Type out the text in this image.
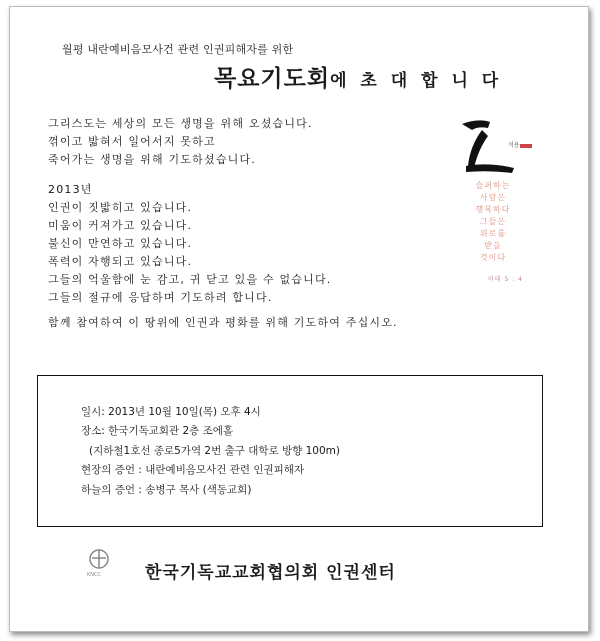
월평 내란예비음모사건 관련 인권피해자를 위한
목요기도회에 초 대 합 니 다
그리스도는 세상의 모든 생명을 위해 오셨습니다.
꺾이고 밟혀서 일어서지 못하고
죽어가는 생명을 위해 기도하셨습니다.
2013년
인권이 짓밟히고 있습니다.
미움이 커져가고 있습니다.
불신이 만연하고 있습니다.
폭력이 자행되고 있습니다.
그들의 억울함에 눈 감고, 귀 닫고 있을 수 없습니다.
그들의 절규에 응답하며 기도하려 합니다.
함께 참여하여 이 땅위에 인권과 평화를 위해 기도하여 주십시오.
석용
슬퍼하는
사람은
행복하다
그들은
위로를
받을
것이다
마태 5 : 4
일시: 2013년 10월 10일(목) 오후 4시
장소: 한국기독교회관 2층 조에홀
(지하철1호선 종로5가역 2번 출구 대학로 방향 100m)
현장의 증언 : 내란예비음모사건 관련 인권피해자
하늘의 증언 : 송병구 목사 (색동교회)
KNCC	한국기독교교회협의회 인권센터
